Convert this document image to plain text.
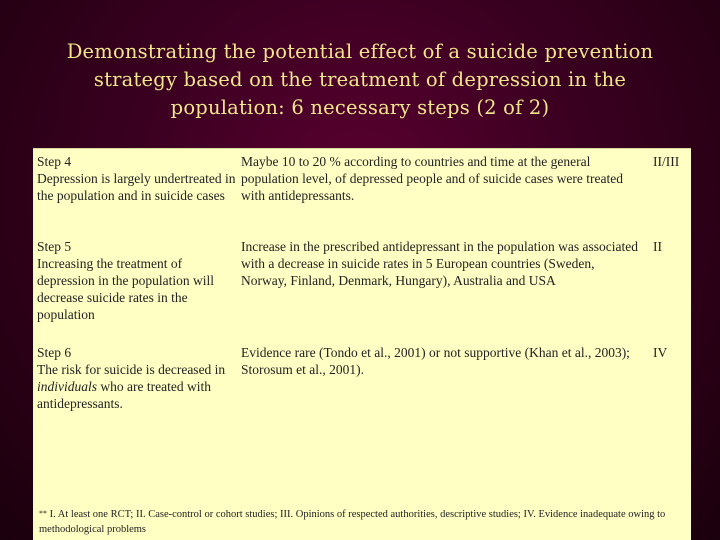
Demonstrating the potential effect of a suicide prevention strategy based on the treatment of depression in the population: 6 necessary steps (2 of 2)
Step 4
Depression is largely undertreated in the population and in suicide cases
Maybe 10 to 20 % according to countries and time at the general population level, of depressed people and of suicide cases were treated with antidepressants.
II/III
Step 5
Increasing the treatment of depression in the population will decrease suicide rates in the population
Increase in the prescribed antidepressant in the population was associated with a decrease in suicide rates in 5 European countries (Sweden, Norway, Finland, Denmark, Hungary), Australia and USA
II
Step 6
The risk for suicide is decreased in individuals who are treated with antidepressants.
Evidence rare (Tondo et al., 2001) or not supportive (Khan et al., 2003); Storosum et al., 2001).
IV
** I. At least one RCT; II. Case-control or cohort studies; III. Opinions of respected authorities, descriptive studies; IV. Evidence inadequate owing to methodological problems
